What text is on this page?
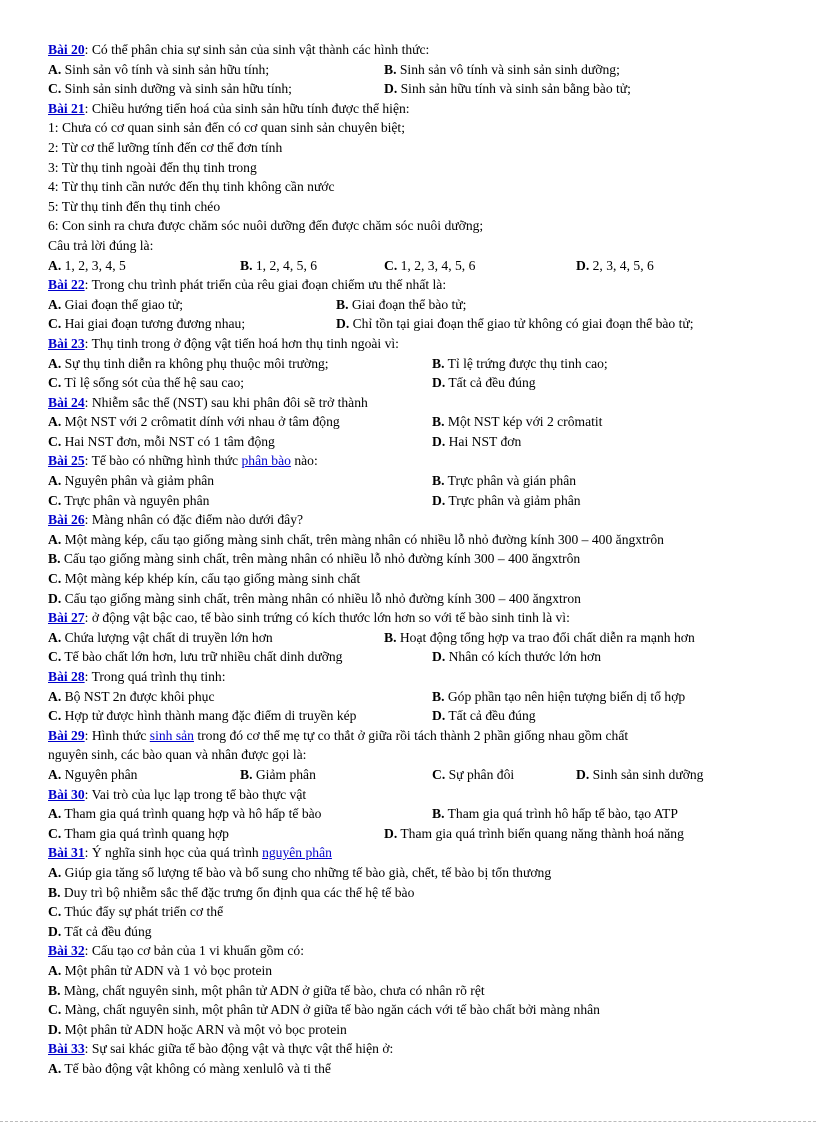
Bài 20: Có thể phân chia sự sinh sản của sinh vật thành các hình thức:
A. Sinh sản vô tính và sinh sản hữu tính;	B. Sinh sản vô tính và sinh sản sinh dưỡng;
C. Sinh sản sinh dưỡng và sinh sản hữu tính;	D. Sinh sản hữu tính và sinh sản bằng bào tử;
Bài 21: Chiều hướng tiến hoá của sinh sản hữu tính được thể hiện:
1: Chưa có cơ quan sinh sản đến có cơ quan sinh sản chuyên biệt;
2: Từ cơ thể lưỡng tính đến cơ thể đơn tính
3: Từ thụ tinh ngoài đến thụ tinh trong
4: Từ thụ tinh cần nước đến thụ tinh không cần nước
5: Từ thụ tinh đến thụ tinh chéo
6: Con sinh ra chưa được chăm sóc nuôi dưỡng đến được chăm sóc nuôi dưỡng;
Câu trả lời đúng là:
A. 1, 2, 3, 4, 5	B. 1, 2, 4, 5, 6	C. 1, 2, 3, 4, 5, 6	D. 2, 3, 4, 5, 6
Bài 22: Trong chu trình phát triển của rêu giai đoạn chiếm ưu thế nhất là:
A. Giai đoạn thể giao tử;	B. Giai đoạn thể bào tử;
C. Hai giai đoạn tương đương nhau;	D. Chỉ tồn tại giai đoạn thể giao tử không có giai đoạn thể bào tử;
Bài 23: Thụ tinh trong ở động vật tiến hoá hơn thụ tinh ngoài vì:
A. Sự thụ tinh diễn ra không phụ thuộc môi trường;	B. Tỉ lệ trứng được thụ tinh cao;
C. Tỉ lệ sống sót của thế hệ sau cao;	D. Tất cả đều đúng
Bài 24: Nhiễm sắc thể (NST) sau khi phân đôi sẽ trở thành
A. Một NST với 2 crômatit dính với nhau ở tâm động	B. Một NST kép với 2 crômatit
C. Hai NST đơn, mỗi NST có 1 tâm động	D. Hai NST đơn
Bài 25: Tế bào có những hình thức phân bào nào:
A. Nguyên phân và giảm phân	B. Trực phân và gián phân
C. Trực phân và nguyên phân	D. Trực phân và giảm phân
Bài 26: Màng nhân có đặc điểm nào dưới đây?
A. Một màng kép, cấu tạo giống màng sinh chất, trên màng nhân có nhiều lỗ nhỏ đường kính 300 – 400 ăngxtrôn
B. Cấu tạo giống màng sinh chất, trên màng nhân có nhiều lỗ nhỏ đường kính 300 – 400 ăngxtrôn
C. Một màng kép khép kín, cấu tạo giống màng sinh chất
D. Cấu tạo giống màng sinh chất, trên màng nhân có nhiều lỗ nhỏ đường kính 300 – 400 ăngxtron
Bài 27: ở động vật bậc cao, tế bào sinh trứng có kích thước lớn hơn so với tế bào sinh tinh là vì:
A. Chứa lượng vật chất di truyền lớn hơn	B. Hoạt động tổng hợp va trao đổi chất diễn ra mạnh hơn
C. Tế bào chất lớn hơn, lưu trữ nhiều chất dinh dưỡng	D. Nhân có kích thước lớn hơn
Bài 28: Trong quá trình thụ tinh:
A. Bộ NST 2n được khôi phục	B. Góp phần tạo nên hiện tượng biến dị tổ hợp
C. Hợp tử được hình thành mang đặc điểm di truyền kép	D. Tất cả đều đúng
Bài 29: Hình thức sinh sản trong đó cơ thể mẹ tự co thắt ở giữa rồi tách thành 2 phần giống nhau gồm chất
nguyên sinh, các bào quan và nhân được gọi là:
A. Nguyên phân	B. Giảm phân	C. Sự phân đôi	D. Sinh sản sinh dưỡng
Bài 30: Vai trò của lục lạp trong tế bào thực vật
A. Tham gia quá trình quang hợp và hô hấp tế bào	B. Tham gia quá trình hô hấp tế bào, tạo ATP
C. Tham gia quá trình quang hợp	D. Tham gia quá trình biến quang năng thành hoá năng
Bài 31: Ý nghĩa sinh học của quá trình nguyên phân
A. Giúp gia tăng số lượng tế bào và bổ sung cho những tế bào già, chết, tế bào bị tổn thương
B. Duy trì bộ nhiễm sắc thể đặc trưng ổn định qua các thế hệ tế bào
C. Thúc đẩy sự phát triển cơ thể
D. Tất cả đều đúng
Bài 32: Cấu tạo cơ bản của 1 vi khuẩn gồm có:
A. Một phân tử ADN và 1 vỏ bọc protein
B. Màng, chất nguyên sinh, một phân tử ADN ở giữa tế bào, chưa có nhân rõ rệt
C. Màng, chất nguyên sinh, một phân tử ADN ở giữa tế bào ngăn cách với tế bào chất bởi màng nhân
D. Một phân tử ADN hoặc ARN và một vỏ bọc protein
Bài 33: Sự sai khác giữa tế bào động vật và thực vật thể hiện ở:
A. Tế bào động vật không có màng xenlulô và ti thể
